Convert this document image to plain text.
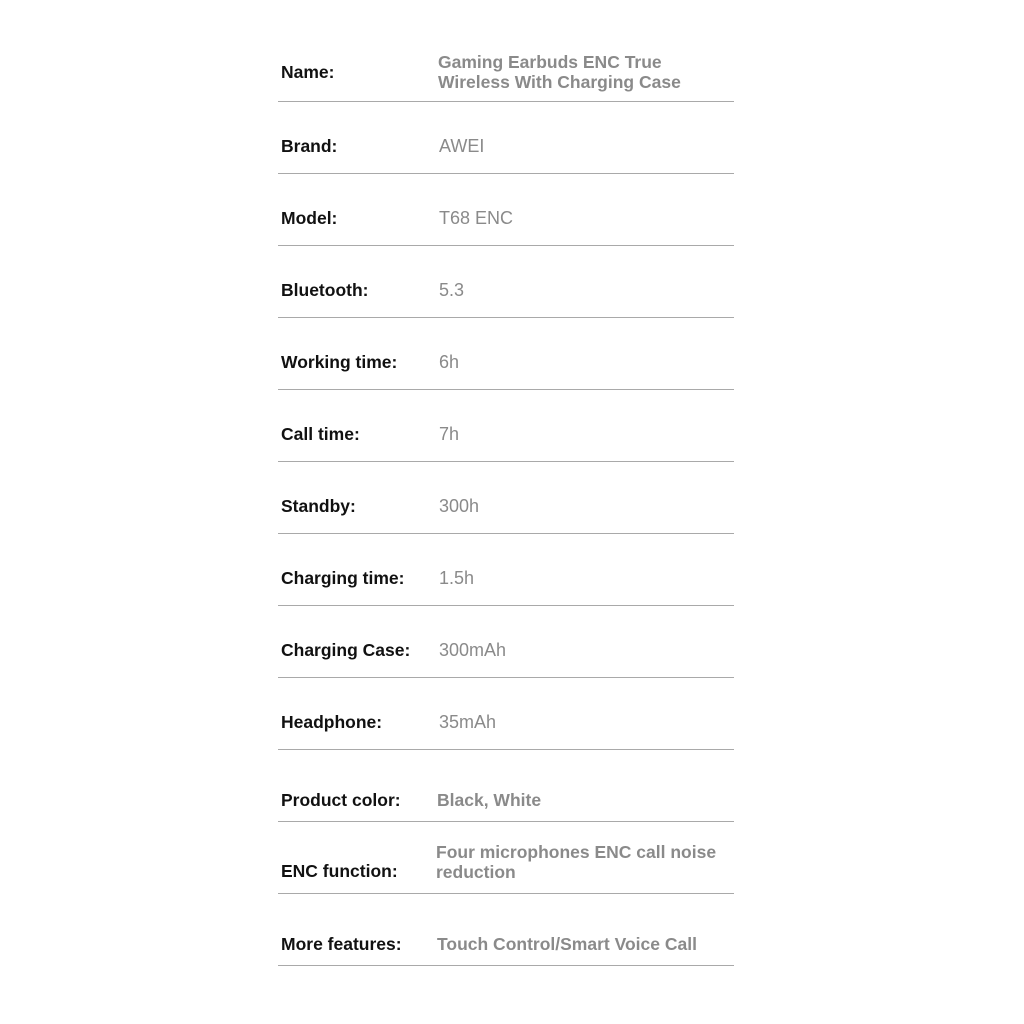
Name:	Gaming Earbuds ENC True Wireless With Charging Case
Brand:	AWEI
Model:	T68 ENC
Bluetooth:	5.3
Working time: 6h
Call time:	7h
Standby:	300h
Charging time: 1.5h
Charging Case: 300mAh
Headphone:	35mAh
Product color: Black, White
ENC function:
Four microphones ENC call noise reduction
More features: Touch Control/Smart Voice Call
